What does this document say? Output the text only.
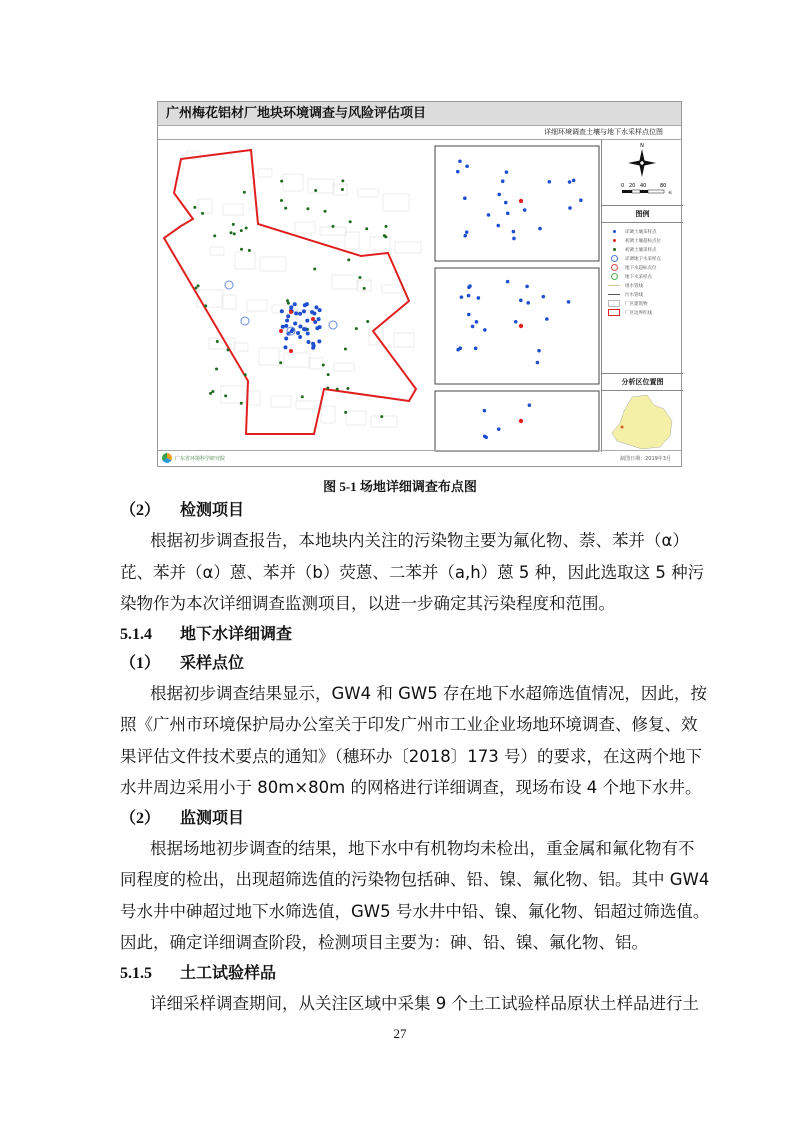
广州梅花铝材厂地块环境调查与风险评估项目
详细环境调查土壤与地下水采样点位图
N
0 20 40	80
米
图例
详调土壤采样点
初调土壤超标点位
初调土壤采样点
详调地下水采样点
地下水超标点位
地下水采样点
排水管线
污水管线
厂区建筑物
厂区边界红线
分析区位置图
广东省环境科学研究院	制图日期：2019年3月
图 5-1 场地详细调查布点图
（2） 检测项目
根据初步调查报告，本地块内关注的污染物主要为氟化物、萘、苯并（α）
芘、苯并（α）蒽、苯并（b）荧蒽、二苯并（a,h）蒽 5 种，因此选取这 5 种污
染物作为本次详细调查监测项目，以进一步确定其污染程度和范围。
5.1.4 地下水详细调查
（1） 采样点位
根据初步调查结果显示，GW4 和 GW5 存在地下水超筛选值情况，因此，按
照《广州市环境保护局办公室关于印发广州市工业企业场地环境调查、修复、效
果评估文件技术要点的通知》（穗环办〔2018〕173 号）的要求，在这两个地下
水井周边采用小于 80m×80m 的网格进行详细调查，现场布设 4 个地下水井。
（2） 监测项目
根据场地初步调查的结果，地下水中有机物均未检出，重金属和氟化物有不
同程度的检出，出现超筛选值的污染物包括砷、铅、镍、氟化物、铝。其中 GW4
号水井中砷超过地下水筛选值，GW5 号水井中铅、镍、氟化物、铝超过筛选值。
因此，确定详细调查阶段，检测项目主要为：砷、铅、镍、氟化物、铝。
5.1.5 土工试验样品
详细采样调查期间，从关注区域中采集 9 个土工试验样品原状土样品进行土
27
